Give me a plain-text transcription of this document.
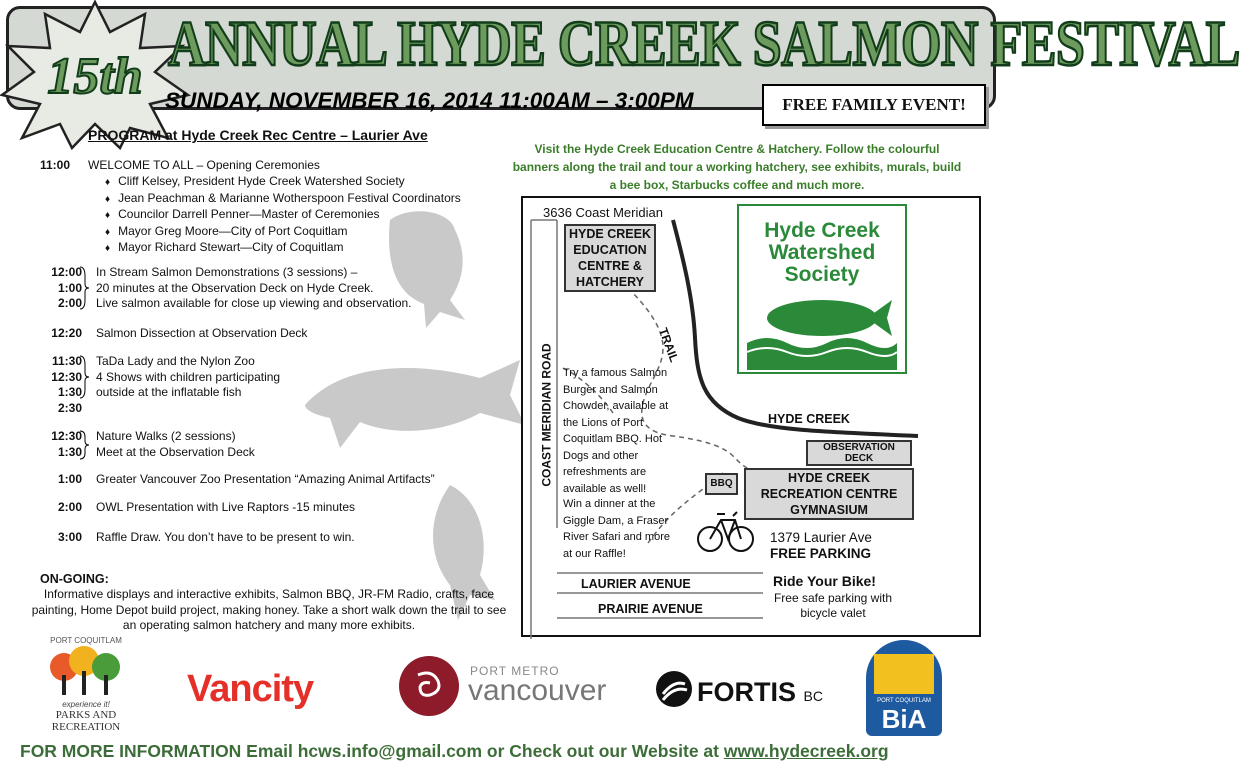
15th ANNUAL HYDE CREEK SALMON FESTIVAL
SUNDAY, NOVEMBER 16, 2014 11:00AM – 3:00PM	FREE FAMILY EVENT!
PROGRAM at Hyde Creek Rec Centre – Laurier Ave
11:00	WELCOME TO ALL – Opening Ceremonies
♦ Cliff Kelsey, President Hyde Creek Watershed Society
♦ Jean Peachman & Marianne Wotherspoon Festival Coordinators
♦ Councilor Darrell Penner—Master of Ceremonies
♦ Mayor Greg Moore—City of Port Coquitlam
♦ Mayor Richard Stewart—City of Coquitlam
12:00	In Stream Salmon Demonstrations (3 sessions) –
1:00	20 minutes at the Observation Deck on Hyde Creek.
2:00	Live salmon available for close up viewing and observation.
12:20	Salmon Dissection at Observation Deck
11:30	TaDa Lady and the Nylon Zoo
12:30	4 Shows with children participating
1:30	outside at the inflatable fish
2:30
12:30	Nature Walks (2 sessions)
1:30	Meet at the Observation Deck
1:00	Greater Vancouver Zoo Presentation “Amazing Animal Artifacts”
2:00	OWL Presentation with Live Raptors -15 minutes
3:00	Raffle Draw. You don’t have to be present to win.
ON-GOING:
Informative displays and interactive exhibits, Salmon BBQ, JR-FM Radio, crafts, face painting, Home Depot build project, making honey. Take a short walk down the trail to see an operating salmon hatchery and many more exhibits.
Visit the Hyde Creek Education Centre & Hatchery. Follow the colourful banners along the trail and tour a working hatchery, see exhibits, murals, build a bee box, Starbucks coffee and much more.
3636 Coast Meridian
HYDE CREEK EDUCATION CENTRE & HATCHERY
TRAIL
COAST MERIDIAN ROAD
Hyde Creek Watershed Society
HYDE CREEK
OBSERVATION DECK
BBQ	HYDE CREEK RECREATION CENTRE GYMNASIUM
Try a famous Salmon Burger and Salmon Chowder, available at the Lions of Port Coquitlam BBQ. Hot Dogs and other refreshments are available as well!
Win a dinner at the Giggle Dam, a Fraser River Safari and more at our Raffle!
1379 Laurier Ave
FREE PARKING
Ride Your Bike!
Free safe parking with bicycle valet
LAURIER AVENUE
PRAIRIE AVENUE
PORT COQUITLAM
experience it!
PARKS AND RECREATION
Vancity	PORT METRO
vancouver	FORTIS BC	PORT COQUITLAM
BiA
FOR MORE INFORMATION Email hcws.info@gmail.com or Check out our Website at www.hydecreek.org
